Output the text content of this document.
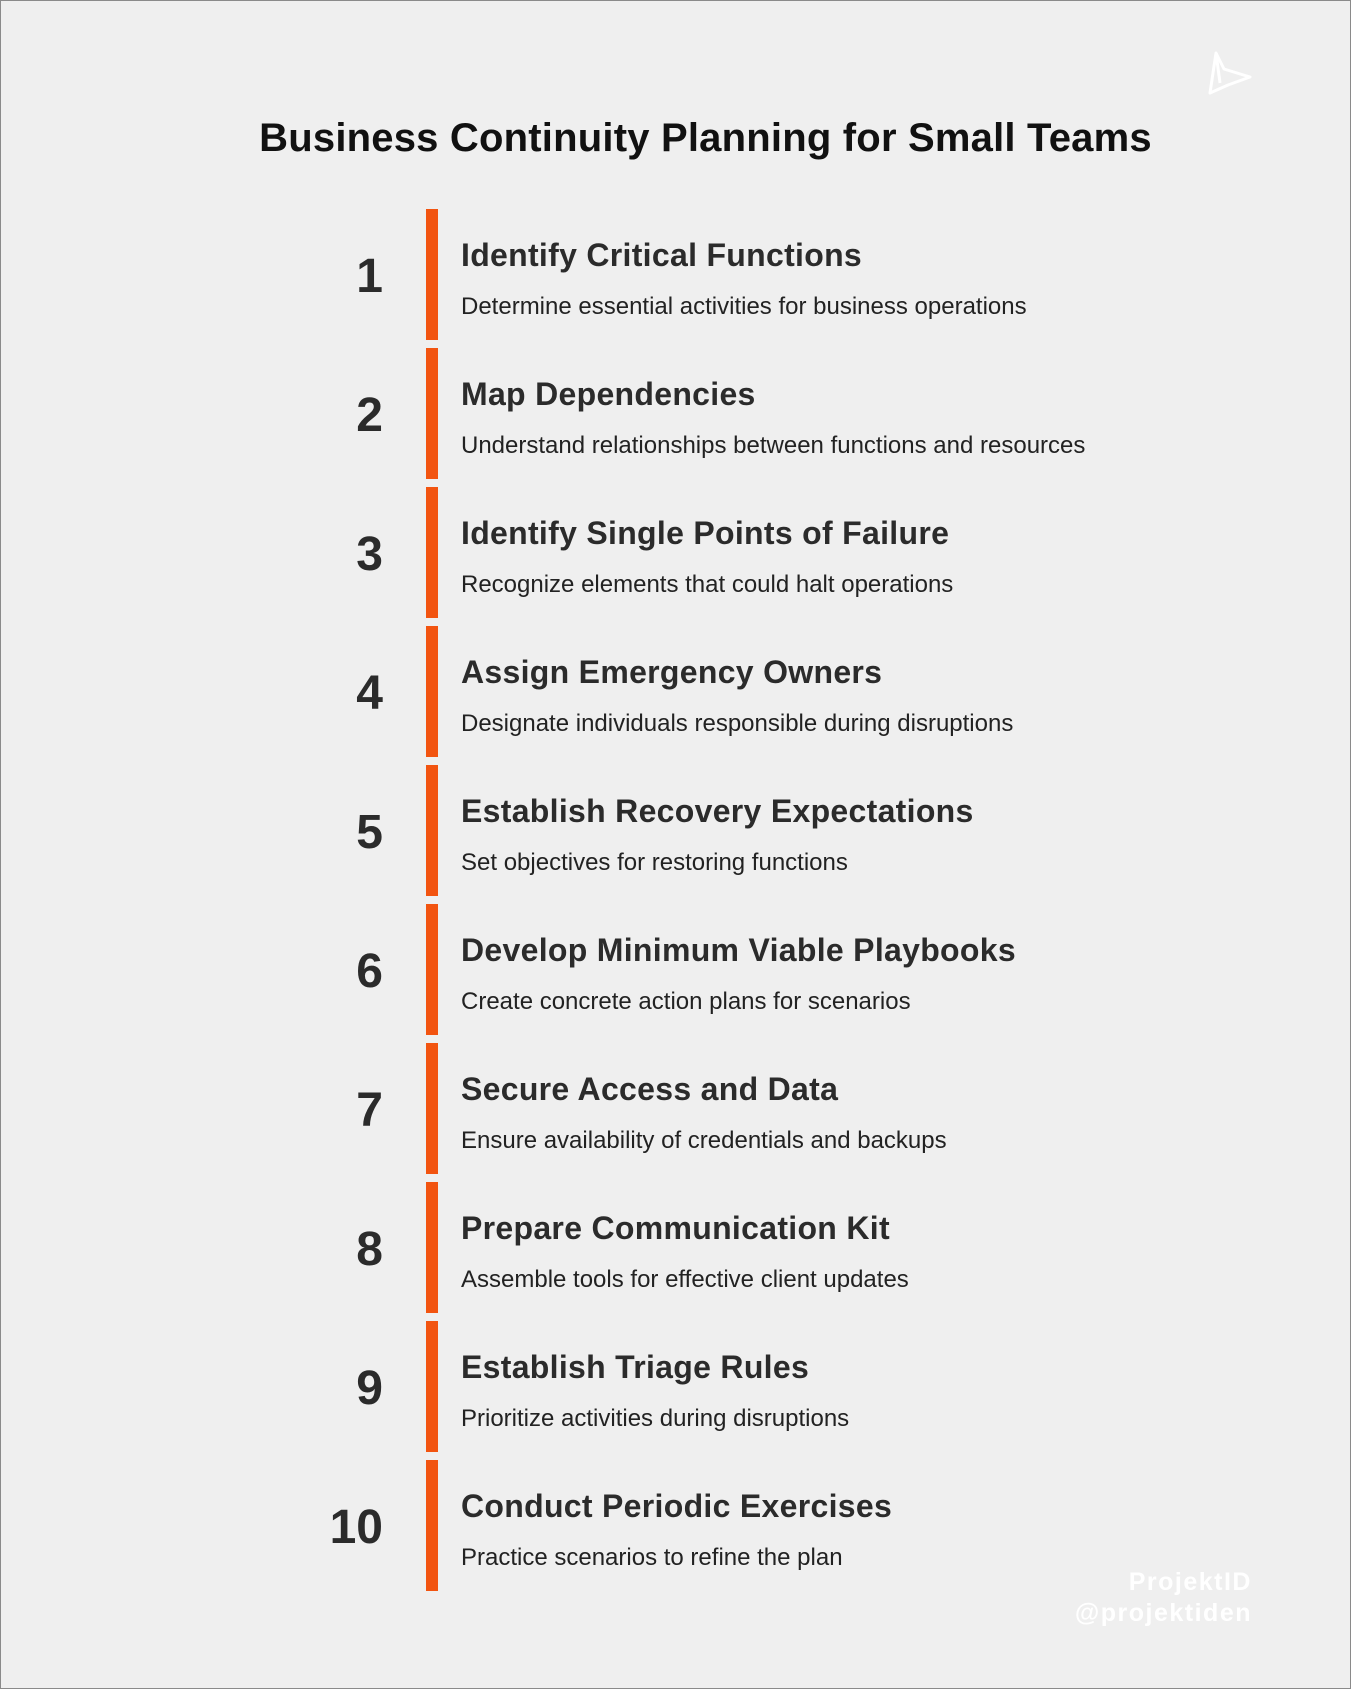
Business Continuity Planning for Small Teams
1 Identify Critical Functions
Determine essential activities for business operations
2 Map Dependencies
Understand relationships between functions and resources
3 Identify Single Points of Failure
Recognize elements that could halt operations
4 Assign Emergency Owners
Designate individuals responsible during disruptions
5 Establish Recovery Expectations
Set objectives for restoring functions
6 Develop Minimum Viable Playbooks
Create concrete action plans for scenarios
7 Secure Access and Data
Ensure availability of credentials and backups
8 Prepare Communication Kit
Assemble tools for effective client updates
9 Establish Triage Rules
Prioritize activities during disruptions
10 Conduct Periodic Exercises
Practice scenarios to refine the plan
ProjektID
@projektiden
